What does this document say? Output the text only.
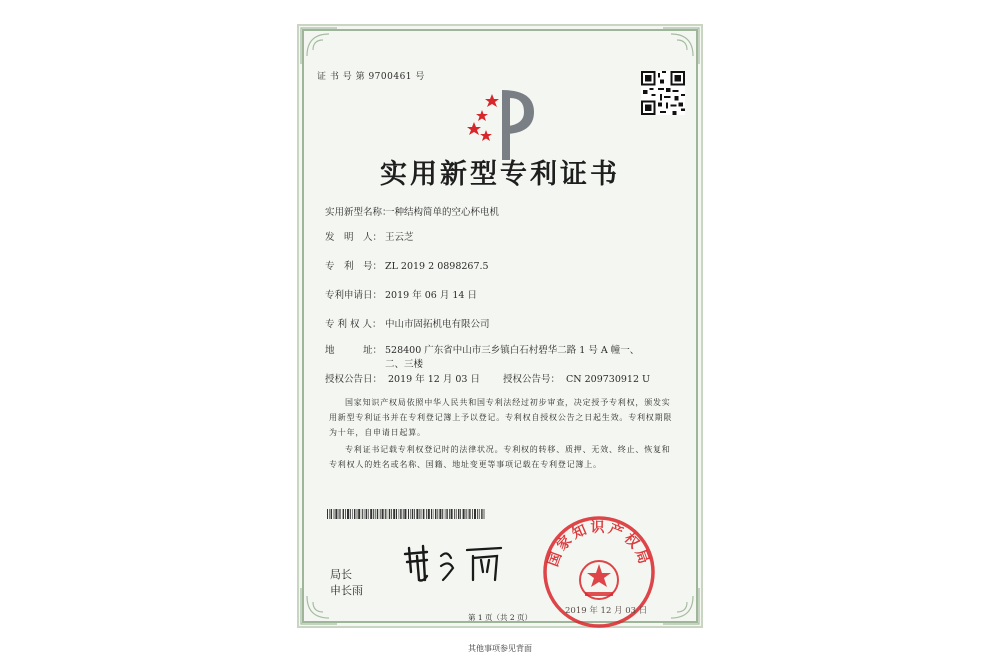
证 书 号 第 9700461 号
实用新型专利证书
实用新型名称：一种结构简单的空心杯电机
发　明　人： 王云芝
专　利　号： ZL 2019 2 0898267.5
专利申请日： 2019 年 06 月 14 日
专 利 权 人： 中山市固拓机电有限公司
地　　　址： 528400 广东省中山市三乡镇白石村碧华二路 1 号 A 幢一、
二、三楼
授权公告日： 2019 年 12 月 03 日 授权公告号： CN 209730912 U
国家知识产权局依照中华人民共和国专利法经过初步审查，决定授予专利权，颁发实用新型专利证书并在专利登记簿上予以登记。专利权自授权公告之日起生效。专利权期限为十年，自申请日起算。
专利证书记载专利权登记时的法律状况。专利权的转移、质押、无效、终止、恢复和专利权人的姓名或名称、国籍、地址变更等事项记载在专利登记簿上。
局长
申长雨
国家知识产权局
2019 年 12 月 03 日
第 1 页（共 2 页）
其他事项参见背面
